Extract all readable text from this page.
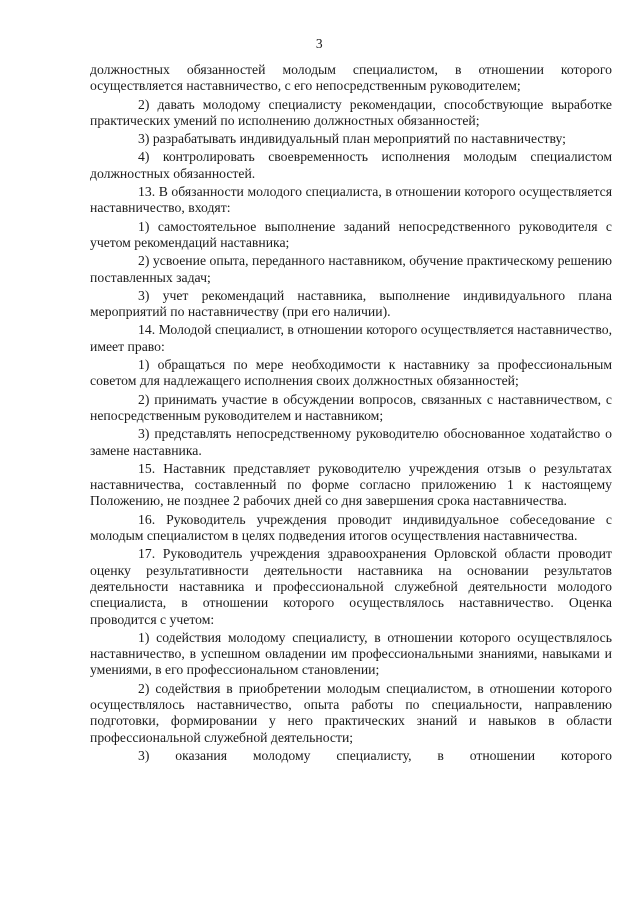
3

должностных обязанностей молодым специалистом, в отношении которого осуществляется наставничество, с его непосредственным руководителем;

2) давать молодому специалисту рекомендации, способствующие выработке практических умений по исполнению должностных обязанностей;

3) разрабатывать индивидуальный план мероприятий по наставничеству;

4) контролировать своевременность исполнения молодым специалистом должностных обязанностей.

13. В обязанности молодого специалиста, в отношении которого осуществляется наставничество, входят:

1) самостоятельное выполнение заданий непосредственного руководителя с учетом рекомендаций наставника;

2) усвоение опыта, переданного наставником, обучение практическому решению поставленных задач;

3) учет рекомендаций наставника, выполнение индивидуального плана мероприятий по наставничеству (при его наличии).

14. Молодой специалист, в отношении которого осуществляется наставничество, имеет право:

1) обращаться по мере необходимости к наставнику за профессиональным советом для надлежащего исполнения своих должностных обязанностей;

2) принимать участие в обсуждении вопросов, связанных с наставничеством, с непосредственным руководителем и наставником;

3) представлять непосредственному руководителю обоснованное ходатайство о замене наставника.

15. Наставник представляет руководителю учреждения отзыв о результатах наставничества, составленный по форме согласно приложению 1 к настоящему Положению, не позднее 2 рабочих дней со дня завершения срока наставничества.

16. Руководитель учреждения проводит индивидуальное собеседование с молодым специалистом в целях подведения итогов осуществления наставничества.

17. Руководитель учреждения здравоохранения Орловской области проводит оценку результативности деятельности наставника на основании результатов деятельности наставника и профессиональной служебной деятельности молодого специалиста, в отношении которого осуществлялось наставничество. Оценка проводится с учетом:

1) содействия молодому специалисту, в отношении которого осуществлялось наставничество, в успешном овладении им профессиональными знаниями, навыками и умениями, в его профессиональном становлении;

2) содействия в приобретении молодым специалистом, в отношении которого осуществлялось наставничество, опыта работы по специальности, направлению подготовки, формировании у него практических знаний и навыков в области профессиональной служебной деятельности;

3) оказания молодому специалисту, в отношении которого
